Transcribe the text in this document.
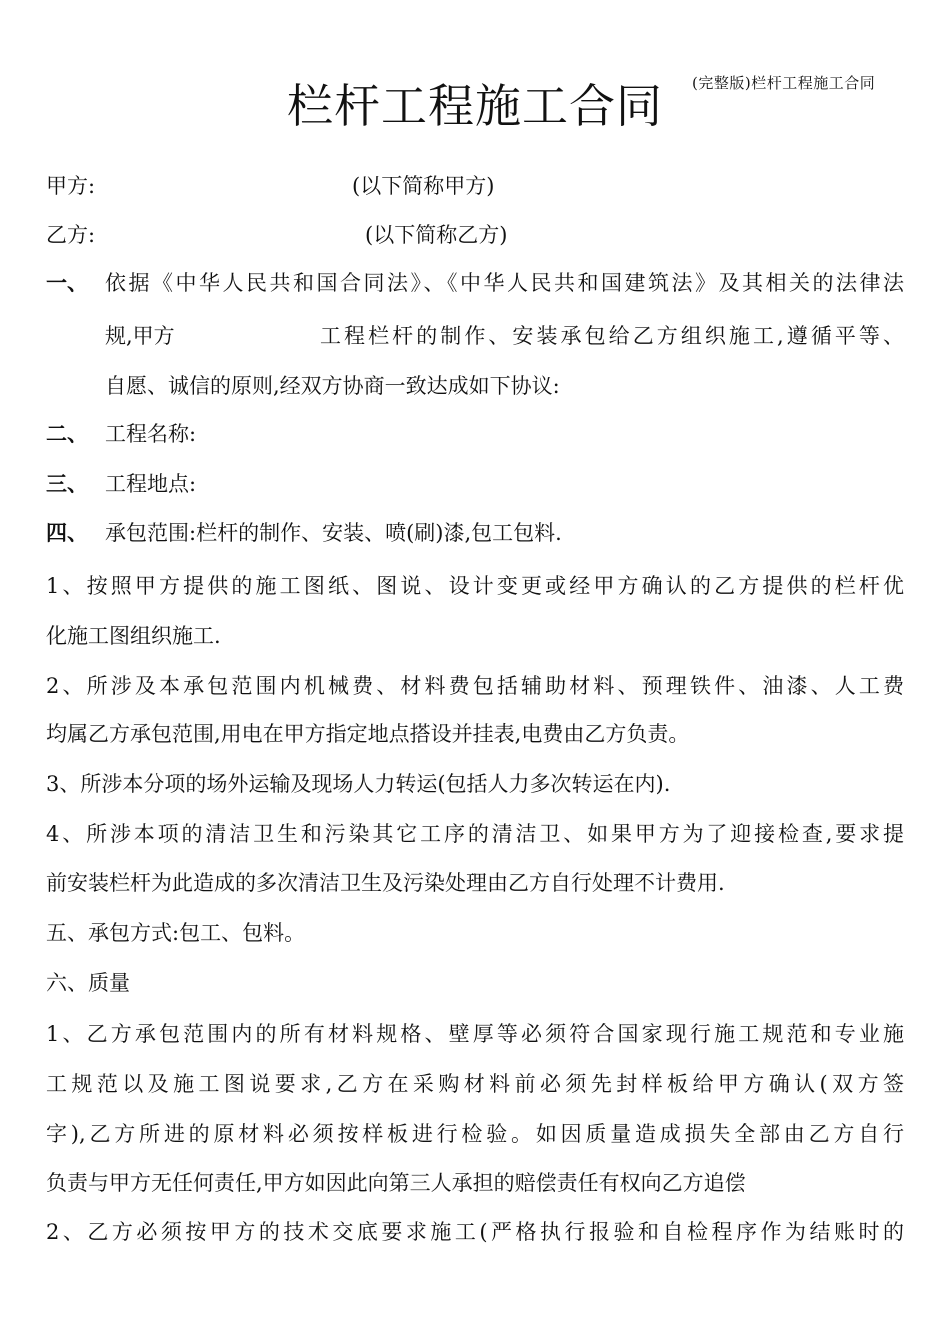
(完整版)栏杆工程施工合同
栏杆工程施工合同
甲方:	(以下简称甲方)
乙方:	(以下简称乙方)
一、 依据《中华人民共和国合同法》、《中华人民共和国建筑法》及其相关的法律法
规,甲方	工程栏杆的制作、安装承包给乙方组织施工,遵循平等、
自愿、诚信的原则,经双方协商一致达成如下协议:
二、 工程名称:
三、 工程地点:
四、 承包范围:栏杆的制作、安装、喷(刷)漆,包工包料.
1、按照甲方提供的施工图纸、图说、设计变更或经甲方确认的乙方提供的栏杆优
化施工图组织施工.
2、所涉及本承包范围内机械费、材料费包括辅助材料、预理铁件、油漆、人工费
均属乙方承包范围,用电在甲方指定地点搭设并挂表,电费由乙方负责。
3、所涉本分项的场外运输及现场人力转运(包括人力多次转运在内).
4、所涉本项的清洁卫生和污染其它工序的清洁卫、如果甲方为了迎接检查,要求提
前安装栏杆为此造成的多次清洁卫生及污染处理由乙方自行处理不计费用.
五、承包方式:包工、包料。
六、质量
1、乙方承包范围内的所有材料规格、壁厚等必须符合国家现行施工规范和专业施
工规范以及施工图说要求,乙方在采购材料前必须先封样板给甲方确认(双方签
字),乙方所进的原材料必须按样板进行检验。如因质量造成损失全部由乙方自行
负责与甲方无任何责任,甲方如因此向第三人承担的赔偿责任有权向乙方追偿
2、乙方必须按甲方的技术交底要求施工(严格执行报验和自检程序作为结账时的
